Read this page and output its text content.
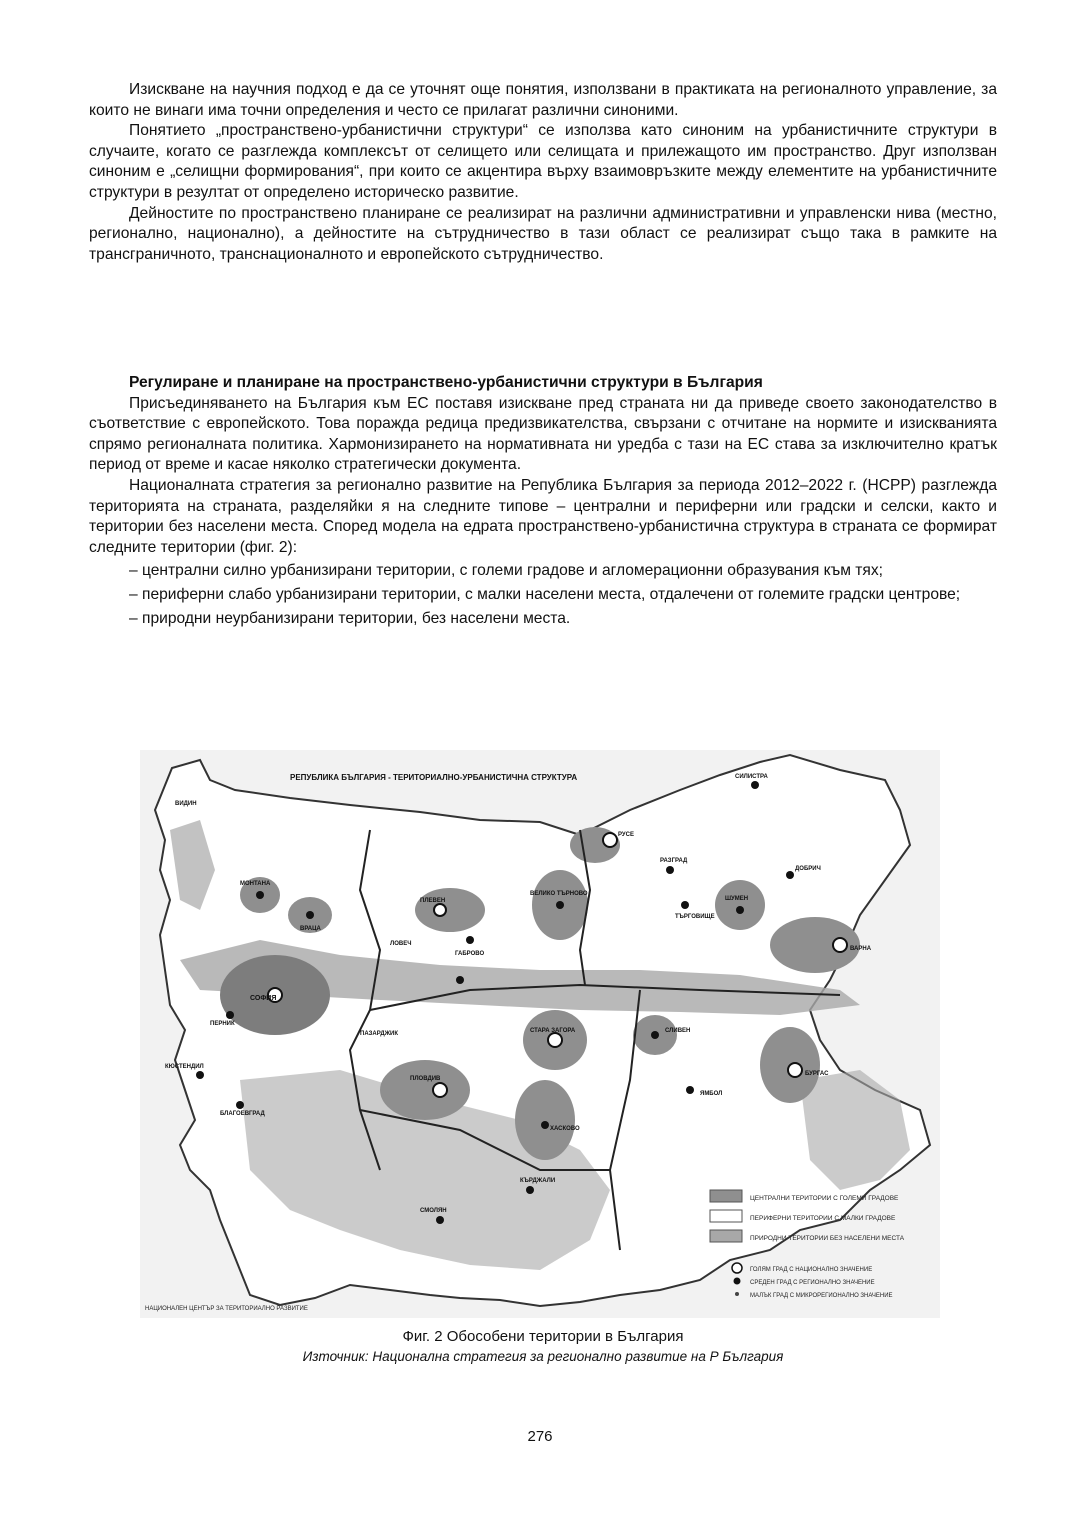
Изискване на научния подход е да се уточнят още понятия, използвани в практиката на регионалното управление, за които не винаги има точни определения и често се прилагат различни синоними.

Понятието „пространствено-урбанистични структури“ се използва като синоним на урбанистичните структури в случаите, когато се разглежда комплексът от селището или селищата и прилежащото им пространство. Друг използван синоним е „селищни формирования“, при които се акцентира върху взаимовръзките между елементите на урбанистичните структури в резултат от определено историческо развитие.

Дейностите по пространствено планиране се реализират на различни административни и управленски нива (местно, регионално, национално), а дейностите на сътрудничество в тази област се реализират също така в рамките на трансграничното, транснационалното и европейското сътрудничество.

Регулиране и планиране на пространствено-урбанистични структури в България

Присъединяването на България към ЕС поставя изискване пред страната ни да приведе своето законодателство в съответствие с европейското. Това поражда редица предизвикателства, свързани с отчитане на нормите и изискванията спрямо регионалната политика. Хармонизирането на нормативната ни уредба с тази на ЕС става за изключително кратък период от време и касае няколко стратегически документа.

Националната стратегия за регионално развитие на Република България за периода 2012–2022 г. (НСРР) разглежда територията на страната, разделяйки я на следните типове – централни и периферни или градски и селски, както и територии без населени места. Според модела на едрата пространствено-урбанистична структура в страната се формират следните територии (фиг. 2):

– централни силно урбанизирани територии, с големи градове и агломерационни образувания към тях;

– периферни слабо урбанизирани територии, с малки населени места, отдалечени от големите градски центрове;

– природни неурбанизирани територии, без населени места.

РЕПУБЛИКА БЪЛГАРИЯ - ТЕРИТОРИАЛНО-УРБАНИСТИЧНА СТРУКТУРА
СОФИЯ
ПЛОВДИВ
ВАРНА
БУРГАС
РУСЕ
СТАРА ЗАГОРА
ПЛЕВЕН
ВЕЛИКО ТЪРНОВО
ШУМЕН
ДОБРИЧ
ВИДИН
МОНТАНА
ВРАЦА
ЛОВЕЧ
ГАБРОВО
СЛИВЕН
ЯМБОЛ
ХАСКОВО
КЪРДЖАЛИ
СМОЛЯН
ПАЗАРДЖИК
БЛАГОЕВГРАД
КЮСТЕНДИЛ
ПЕРНИК
РАЗГРАД
ТЪРГОВИЩЕ
СИЛИСТРА
ЦЕНТРАЛНИ ТЕРИТОРИИ С ГОЛЕМИ ГРАДОВЕ
ПЕРИФЕРНИ ТЕРИТОРИИ С МАЛКИ ГРАДОВЕ
ПРИРОДНИ ТЕРИТОРИИ БЕЗ НАСЕЛЕНИ МЕСТА
ГОЛЯМ ГРАД С НАЦИОНАЛНО ЗНАЧЕНИЕ
СРЕДЕН ГРАД С РЕГИОНАЛНО ЗНАЧЕНИЕ
МАЛЪК ГРАД С МИКРОРЕГИОНАЛНО ЗНАЧЕНИЕ
НАЦИОНАЛЕН ЦЕНТЪР ЗА ТЕРИТОРИАЛНО РАЗВИТИЕ
Фиг. 2 Обособени територии в България
Източник: Национална стратегия за регионално развитие на Р България
276
